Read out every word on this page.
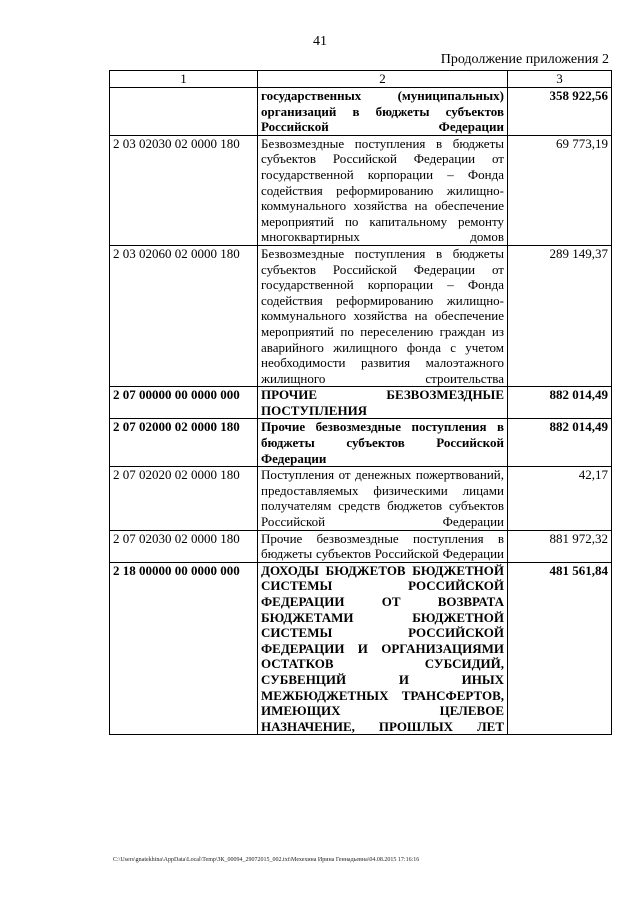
41
Продолжение приложения 2
1	2	3
	государственных (муниципальных) организаций в бюджеты субъектов Российской Федерации	358 922,56
2 03 02030 02 0000 180	Безвозмездные поступления в бюджеты субъектов Российской Федерации от государственной корпорации – Фонда содействия реформированию жилищно-коммунального хозяйства на обеспечение мероприятий по капитальному ремонту многоквартирных домов	69 773,19
2 03 02060 02 0000 180	Безвозмездные поступления в бюджеты субъектов Российской Федерации от государственной корпорации – Фонда содействия реформированию жилищно-коммунального хозяйства на обеспечение мероприятий по переселению граждан из аварийного жилищного фонда с учетом необходимости развития малоэтажного жилищного строительства	289 149,37
2 07 00000 00 0000 000	ПРОЧИЕ БЕЗВОЗМЕЗДНЫЕ ПОСТУПЛЕНИЯ	882 014,49
2 07 02000 02 0000 180	Прочие безвозмездные поступления в бюджеты субъектов Российской Федерации	882 014,49
2 07 02020 02 0000 180	Поступления от денежных пожертвований, предоставляемых физическими лицами получателям средств бюджетов субъектов Российской Федерации	42,17
2 07 02030 02 0000 180	Прочие безвозмездные поступления в бюджеты субъектов Российской Федерации	881 972,32
2 18 00000 00 0000 000	ДОХОДЫ БЮДЖЕТОВ БЮДЖЕТНОЙ СИСТЕМЫ РОССИЙСКОЙ ФЕДЕРАЦИИ ОТ ВОЗВРАТА БЮДЖЕТАМИ БЮДЖЕТНОЙ СИСТЕМЫ РОССИЙСКОЙ ФЕДЕРАЦИИ И ОРГАНИЗАЦИЯМИ ОСТАТКОВ СУБСИДИЙ, СУБВЕНЦИЙ И ИНЫХ МЕЖБЮДЖЕТНЫХ ТРАНСФЕРТОВ, ИМЕЮЩИХ ЦЕЛЕВОЕ НАЗНАЧЕНИЕ, ПРОШЛЫХ ЛЕТ	481 561,84
C:\Users\gnatekhina\AppData\Local\Temp\ЗК_00094_29072015_002.txt\Мехехина Ирина Геннадьевна\04.08.2015 17:16:16
